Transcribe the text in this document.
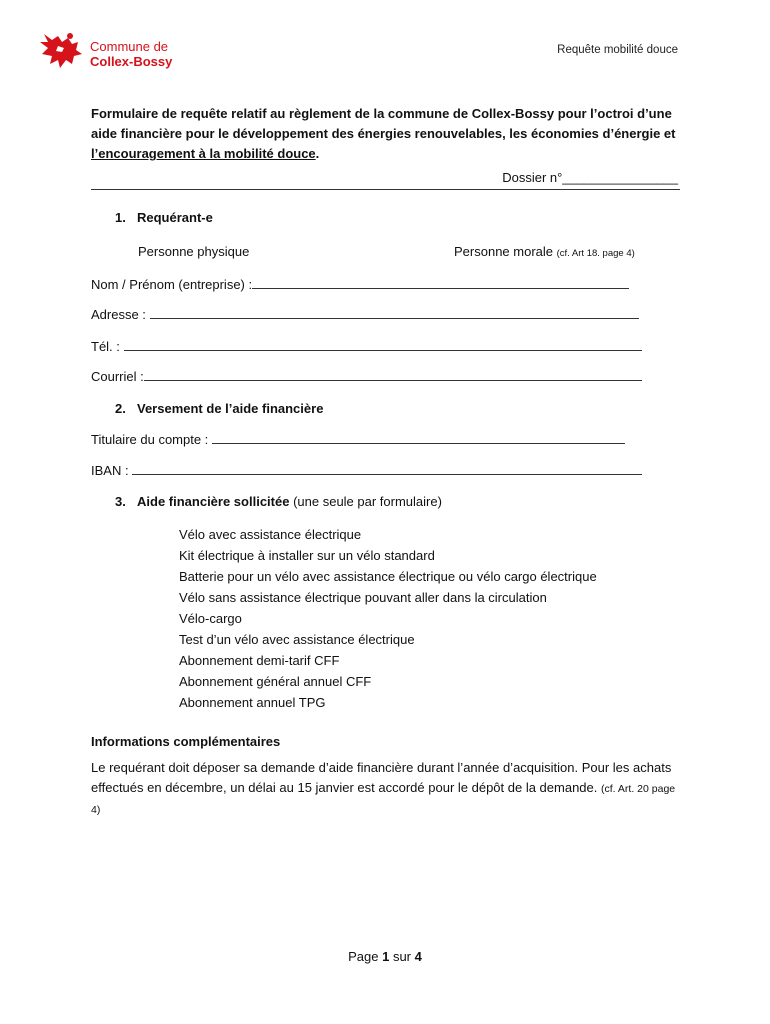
Commune de
Collex-Bossy
Requête mobilité douce
Formulaire de requête relatif au règlement de la commune de Collex-Bossy pour l’octroi d’une aide financière pour le développement des énergies renouvelables, les économies d’énergie et l’encouragement à la mobilité douce.
Dossier n°________________
1. Requérant-e
Personne physique	Personne morale (cf. Art 18. page 4)
Nom / Prénom (entreprise) :
Adresse :
Tél. :
Courriel :
2. Versement de l’aide financière
Titulaire du compte :
IBAN :
3. Aide financière sollicitée (une seule par formulaire)
Vélo avec assistance électrique
Kit électrique à installer sur un vélo standard
Batterie pour un vélo avec assistance électrique ou vélo cargo électrique
Vélo sans assistance électrique pouvant aller dans la circulation
Vélo-cargo
Test d’un vélo avec assistance électrique
Abonnement demi-tarif CFF
Abonnement général annuel CFF
Abonnement annuel TPG
Informations complémentaires
Le requérant doit déposer sa demande d’aide financière durant l’année d’acquisition. Pour les achats effectués en décembre, un délai au 15 janvier est accordé pour le dépôt de la demande. (cf. Art. 20 page 4)
Page 1 sur 4
